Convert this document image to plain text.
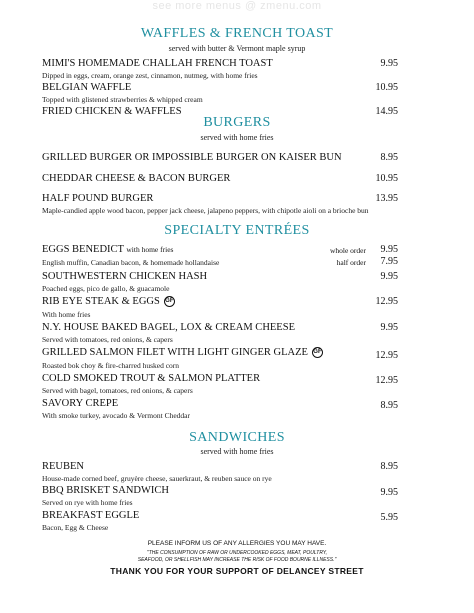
see more menus @ zmenu.com
WAFFLES & FRENCH TOAST
served with butter & Vermont maple syrup
MIMI'S HOMEMADE CHALLAH FRENCH TOAST	9.95
Dipped in eggs, cream, orange zest, cinnamon, nutmeg, with home fries
BELGIAN WAFFLE	10.95
Topped with glistened strawberries & whipped cream
FRIED CHICKEN & WAFFLES	14.95
BURGERS
served with home fries
GRILLED BURGER OR IMPOSSIBLE BURGER ON KAISER BUN	8.95
CHEDDAR CHEESE & BACON BURGER	10.95
HALF POUND BURGER	13.95
Maple-candied apple wood bacon, pepper jack cheese, jalapeno peppers, with chipotle aioli on a brioche bun
SPECIALTY ENTRÉES
EGGS BENEDICT with home fries	whole order 9.95
English muffin, Canadian bacon, & homemade hollandaise	half order 7.95
SOUTHWESTERN CHICKEN HASH	9.95
Poached eggs, pico de gallo, & guacamole
RIB EYE STEAK & EGGS GF	12.95
With home fries
N.Y. HOUSE BAKED BAGEL, LOX & CREAM CHEESE	9.95
Served with tomatoes, red onions, & capers
GRILLED SALMON FILET WITH LIGHT GINGER GLAZE GF	12.95
Roasted bok choy & fire-charred husked corn
COLD SMOKED TROUT & SALMON PLATTER	12.95
Served with bagel, tomatoes, red onions, & capers
SAVORY CREPE	8.95
With smoke turkey, avocado & Vermont Cheddar
SANDWICHES
served with home fries
REUBEN	8.95
House-made corned beef, gruyère cheese, sauerkraut, & reuben sauce on rye
BBQ BRISKET SANDWICH	9.95
Served on rye with home fries
BREAKFAST EGGLE	5.95
Bacon, Egg & Cheese
PLEASE INFORM US OF ANY ALLERGIES YOU MAY HAVE.
"THE CONSUMPTION OF RAW OR UNDERCOOKED EGGS, MEAT, POULTRY,
SEAFOOD, OR SHELLFISH MAY INCREASE THE RISK OF FOOD BOURNE ILLNESS."
THANK YOU FOR YOUR SUPPORT OF DELANCEY STREET
